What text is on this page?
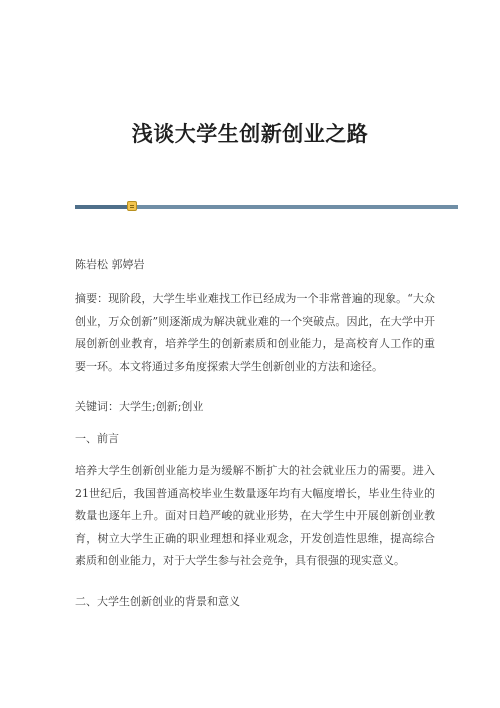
浅谈大学生创新创业之路
陈岩松 郭婷岩
摘要：现阶段，大学生毕业难找工作已经成为一个非常普遍的现象。“大众创业，万众创新”则逐渐成为解决就业难的一个突破点。因此，在大学中开展创新创业教育，培养学生的创新素质和创业能力，是高校育人工作的重要一环。本文将通过多角度探索大学生创新创业的方法和途径。
关键词：大学生;创新;创业
一、前言
培养大学生创新创业能力是为缓解不断扩大的社会就业压力的需要。进入21世纪后，我国普通高校毕业生数量逐年均有大幅度增长，毕业生待业的数量也逐年上升。面对日趋严峻的就业形势，在大学生中开展创新创业教育，树立大学生正确的职业理想和择业观念，开发创造性思维，提高综合素质和创业能力，对于大学生参与社会竞争，具有很强的现实意义。
二、大学生创新创业的背景和意义
